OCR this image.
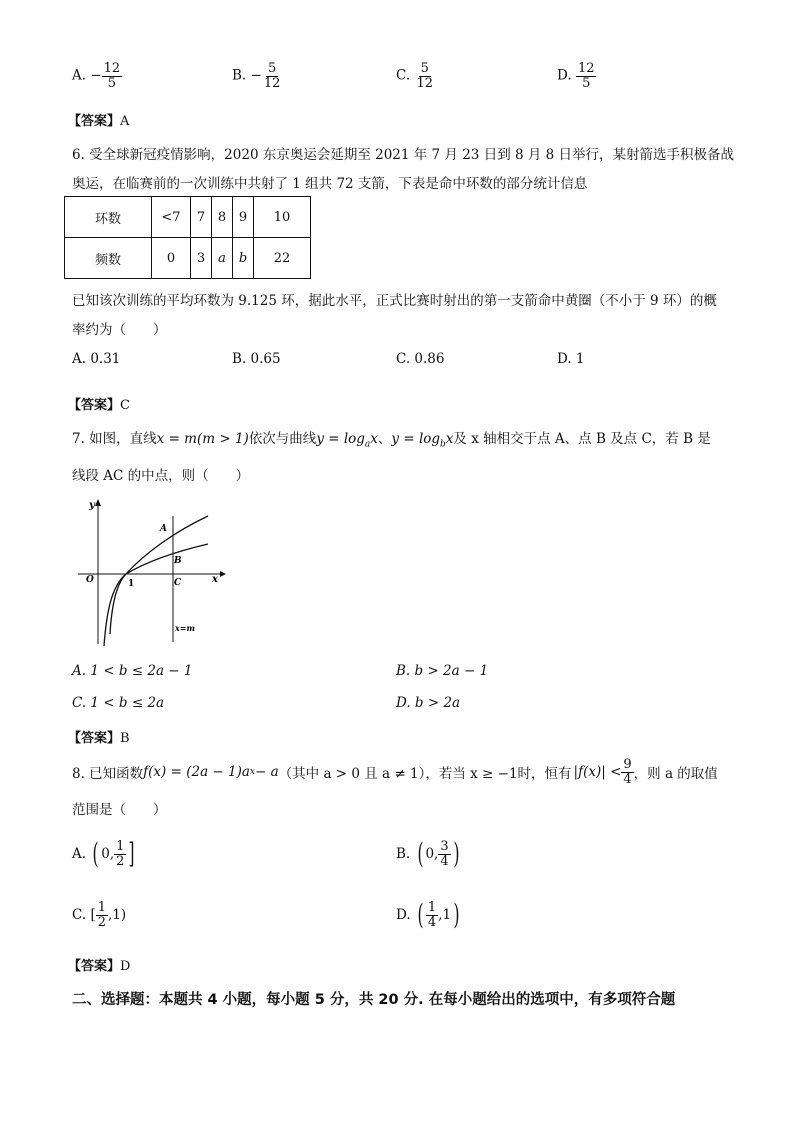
A. − $\frac{12}{5}$	B. − $\frac{5}{12}$	C. $\frac{5}{12}$	D. $\frac{12}{5}$
【答案】A
6. 受全球新冠疫情影响，2020 东京奥运会延期至 2021 年 7 月 23 日到 8 月 8 日举行，某射箭选手积极备战
奥运，在临赛前的一次训练中共射了 1 组共 72 支箭，下表是命中环数的部分统计信息
环数	<7	7	8	9	10
频数	0	3	a	b	22
已知该次训练的平均环数为 9.125 环，据此水平，正式比赛时射出的第一支箭命中黄圈（不小于 9 环）的概
率约为（　　）
A. 0.31	B. 0.65	C. 0.86	D. 1
【答案】C
7. 如图，直线x = m(m > 1)依次与曲线$y = \log_ax$、$y = \log_bx$及 x 轴相交于点 A、点 B 及点 C，若 B 是
线段 AC 的中点，则（　　）
y
O	1	x
A
B
C
x=m
A. 1 < b ≤ 2a − 1	B. b > 2a − 1
C. 1 < b ≤ 2a	D. b > 2a
【答案】B
8. 已知函数 f(x) = (2a − 1)a x − a （其中 a > 0 且 a ≠ 1），若当 x ≥ −1时，恒有 $|f(x)| < \frac{9}{4}$ ，则 a 的取值
范围是（　　）
A.
( 0, $\frac{1}{2}$ ]	B.
( 0, $\frac{3}{4}$ )
C.
[ $\frac{1}{2} ,1$)	D.
( $\frac{1}{4} ,1$ )
【答案】D
二、选择题：本题共 4 小题，每小题 5 分，共 20 分. 在每小题给出的选项中，有多项符合题
